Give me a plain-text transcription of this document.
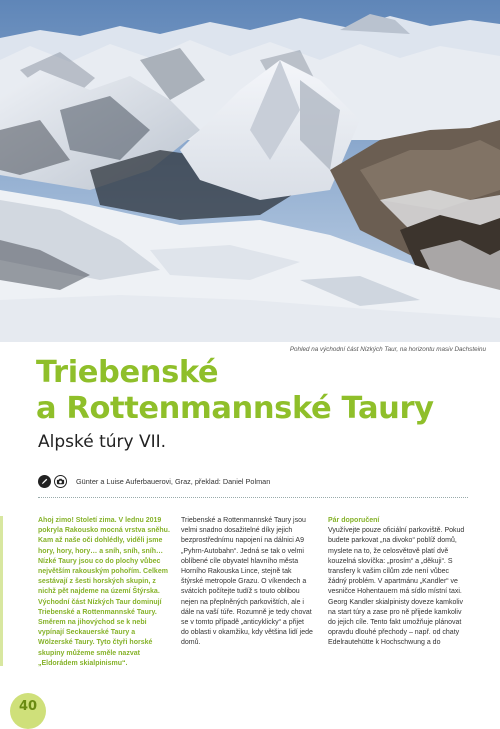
Pohled na východní část Nízkých Taur, na horizontu masiv Dachsteinu
Triebenské
a Rottenmannské Taury
Alpské túry VII.
Günter a Luise Auferbauerovi, Graz, překlad: Daniel Polman

Ahoj zimo! Století zima. V lednu 2019 pokryla Rakousko mocná vrstva sněhu. Kam až naše oči dohlédly, viděli jsme hory, hory, hory… a sníh, sníh, sníh… Nízké Taury jsou co do plochy vůbec největším rakouským pohořím. Celkem sestávají z šesti horských skupin, z nichž pět najdeme na území Štýrska. Východní část Nízkých Taur dominují Triebenské a Rottenmannské Taury. Směrem na jihovýchod se k nebi vypínají Seckauerské Taury a Wölzerské Taury. Tyto čtyři horské skupiny můžeme směle nazvat „Eldorádem skialpinismu“.

Triebenské a Rottenmannské Taury jsou velmi snadno dosažitelné díky jejich bezprostřednímu napojení na dálnici A9 „Pyhrn-Autobahn“. Jedná se tak o velmi oblíbené cíle obyvatel hlavního města Horního Rakouska Lince, stejně tak štýrské metropole Grazu. O víkendech a svátcích počítejte tudíž s touto oblibou nejen na přeplněných parkovištích, ale i dále na vaší túře. Rozumně je tedy chovat se v tomto případě „anticyklicky“ a přijet do oblasti v okamžiku, kdy většina lidí jede domů.

Pár doporučení

Využívejte pouze oficiální parkoviště. Pokud budete parkovat „na divoko“ poblíž domů, myslete na to, že celosvětově platí dvě kouzelná slovíčka: „prosím“ a „děkuji“. S transfery k vašim cílům zde není vůbec žádný problém. V apartmánu „Kandler“ ve vesničce Hohentauern má sídlo místní taxi. Georg Kandler skialpinisty doveze kamkoliv na start túry a zase pro ně přijede kamkoliv do jejich cíle. Tento fakt umožňuje plánovat opravdu dlouhé přechody – např. od chaty Edelrautehütte k Hochschwung a do

40
